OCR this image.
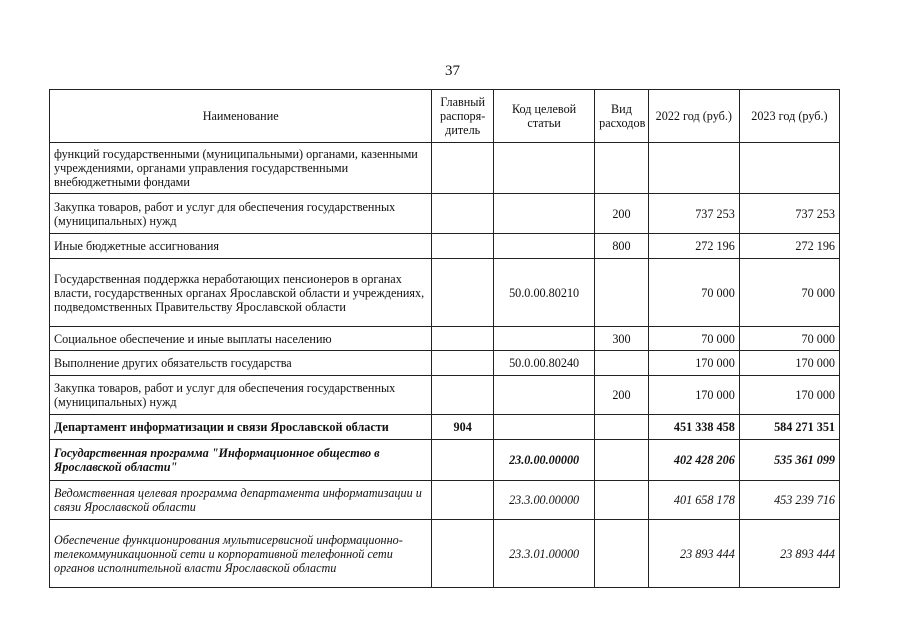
37
Наименование	Главный распоря-дитель	Код целевой статьи	Вид расходов	2022 год (руб.)	2023 год (руб.)
функций государственными (муниципальными) органами, казенными учреждениями, органами управления государственными внебюджетными фондами					
Закупка товаров, работ и услуг для обеспечения государственных (муниципальных) нужд			200	737 253	737 253
Иные бюджетные ассигнования			800	272 196	272 196
Государственная поддержка неработающих пенсионеров в органах власти, государственных органах Ярославской области и учреждениях, подведомственных Правительству Ярославской области		50.0.00.80210		70 000	70 000
Социальное обеспечение и иные выплаты населению			300	70 000	70 000
Выполнение других обязательств государства		50.0.00.80240		170 000	170 000
Закупка товаров, работ и услуг для обеспечения государственных (муниципальных) нужд			200	170 000	170 000
Департамент информатизации и связи Ярославской области	904			451 338 458	584 271 351
Государственная программа "Информационное общество в Ярославской области"		23.0.00.00000		402 428 206	535 361 099
Ведомственная целевая программа департамента информатизации и связи Ярославской области		23.3.00.00000		401 658 178	453 239 716
Обеспечение функционирования мультисервисной информационно-телекоммуникационной сети и корпоративной телефонной сети органов исполнительной власти Ярославской области		23.3.01.00000		23 893 444	23 893 444
